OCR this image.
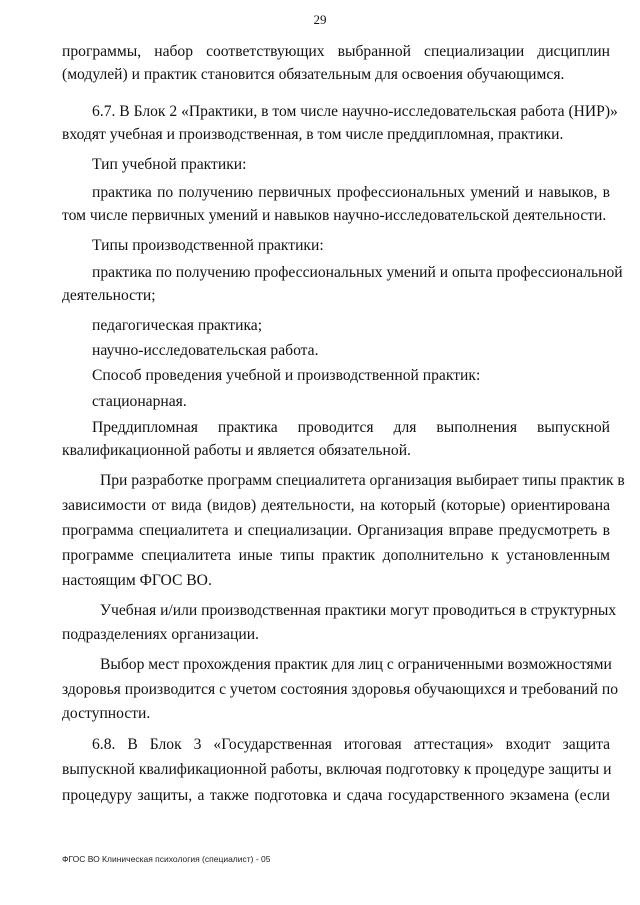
29
программы, набор соответствующих выбранной специализации дисциплин
(модулей) и практик становится обязательным для освоения обучающимся.
6.7. В Блок 2 «Практики, в том числе научно-исследовательская работа (НИР)»
входят учебная и производственная, в том числе преддипломная, практики.
Тип учебной практики:
практика по получению первичных профессиональных умений и навыков, в
том числе первичных умений и навыков научно-исследовательской деятельности.
Типы производственной практики:
практика по получению профессиональных умений и опыта профессиональной
деятельности;
педагогическая практика;
научно-исследовательская работа.
Способ проведения учебной и производственной практик:
стационарная.
Преддипломная практика проводится для выполнения выпускной
квалификационной работы и является обязательной.
При разработке программ специалитета организация выбирает типы практик в
зависимости от вида (видов) деятельности, на который (которые) ориентирована
программа специалитета и специализации. Организация вправе предусмотреть в
программе специалитета иные типы практик дополнительно к установленным
настоящим ФГОС ВО.
Учебная и/или производственная практики могут проводиться в структурных
подразделениях организации.
Выбор мест прохождения практик для лиц с ограниченными возможностями
здоровья производится с учетом состояния здоровья обучающихся и требований по
доступности.
6.8. В Блок 3 «Государственная итоговая аттестация» входит защита
выпускной квалификационной работы, включая подготовку к процедуре защиты и
процедуру защиты, а также подготовка и сдача государственного экзамена (если
ФГОС ВО Клиническая психология (специалист) - 05
